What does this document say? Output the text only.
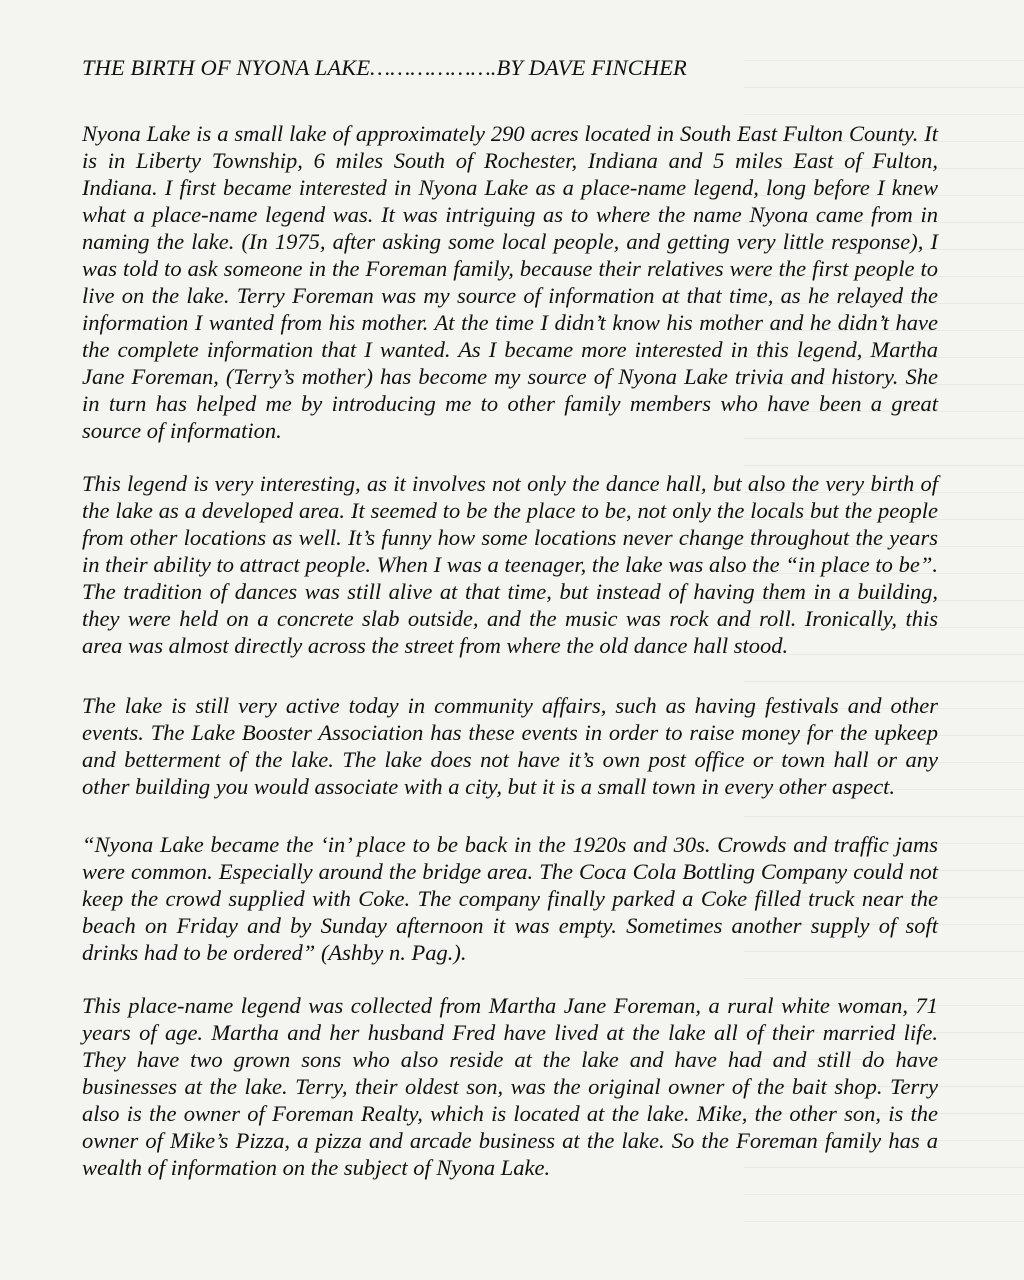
THE BIRTH OF NYONA LAKE……………….BY DAVE FINCHER

Nyona Lake is a small lake of approximately 290 acres located in South East Fulton County. It is in Liberty Township, 6 miles South of Rochester, Indiana and 5 miles East of Fulton, Indiana. I first became interested in Nyona Lake as a place-name legend, long before I knew what a place-name legend was. It was intriguing as to where the name Nyona came from in naming the lake. (In 1975, after asking some local people, and getting very little response), I was told to ask someone in the Foreman family, because their relatives were the first people to live on the lake. Terry Foreman was my source of information at that time, as he relayed the information I wanted from his mother. At the time I didn’t know his mother and he didn’t have the complete information that I wanted. As I became more interested in this legend, Martha Jane Foreman, (Terry’s mother) has become my source of Nyona Lake trivia and history. She in turn has helped me by introducing me to other family members who have been a great source of information.

This legend is very interesting, as it involves not only the dance hall, but also the very birth of the lake as a developed area. It seemed to be the place to be, not only the locals but the people from other locations as well. It’s funny how some locations never change throughout the years in their ability to attract people. When I was a teenager, the lake was also the “in place to be”. The tradition of dances was still alive at that time, but instead of having them in a building, they were held on a concrete slab outside, and the music was rock and roll. Ironically, this area was almost directly across the street from where the old dance hall stood.

The lake is still very active today in community affairs, such as having festivals and other events. The Lake Booster Association has these events in order to raise money for the upkeep and betterment of the lake. The lake does not have it’s own post office or town hall or any other building you would associate with a city, but it is a small town in every other aspect.

“Nyona Lake became the ‘in’ place to be back in the 1920s and 30s. Crowds and traffic jams were common. Especially around the bridge area. The Coca Cola Bottling Company could not keep the crowd supplied with Coke. The company finally parked a Coke filled truck near the beach on Friday and by Sunday afternoon it was empty. Sometimes another supply of soft drinks had to be ordered” (Ashby n. Pag.).

This place-name legend was collected from Martha Jane Foreman, a rural white woman, 71 years of age. Martha and her husband Fred have lived at the lake all of their married life. They have two grown sons who also reside at the lake and have had and still do have businesses at the lake. Terry, their oldest son, was the original owner of the bait shop. Terry also is the owner of Foreman Realty, which is located at the lake. Mike, the other son, is the owner of Mike’s Pizza, a pizza and arcade business at the lake. So the Foreman family has a wealth of information on the subject of Nyona Lake.
